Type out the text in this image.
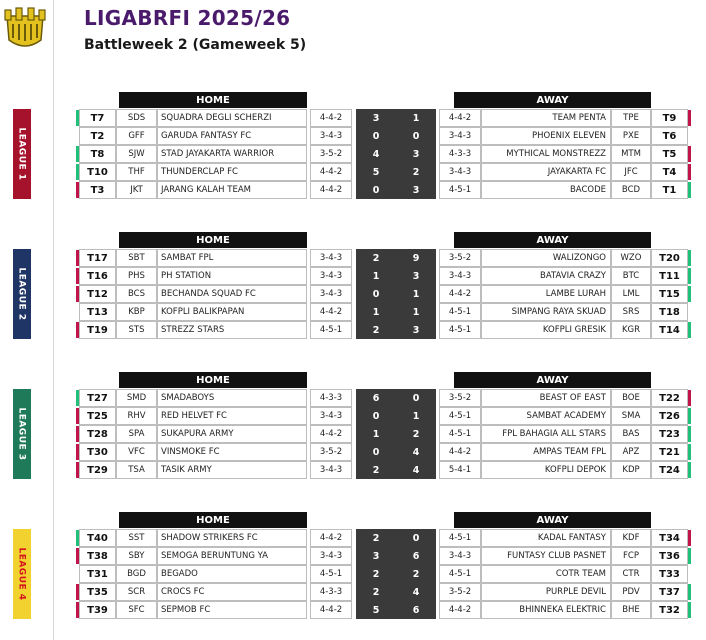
LEAGUE 1
LEAGUE 2
LEAGUE 3
LEAGUE 4
LIGABRFI 2025/26
Battleweek 2 (Gameweek 5)
HOME	AWAY
T7	SDS	SQUADRA DEGLI SCHERZI	4-4-2	3	1	4-4-2	TEAM PENTA	TPE	T9
T2	GFF	GARUDA FANTASY FC	3-4-3	0	0	3-4-3	PHOENIX ELEVEN	PXE	T6
T8	SJW	STAD JAYAKARTA WARRIOR	3-5-2	4	3	4-3-3	MYTHICAL MONSTREZZ	MTM	T5
T10	THF	THUNDERCLAP FC	4-4-2	5	2	3-4-3	JAYAKARTA FC	JFC	T4
T3	JKT	JARANG KALAH TEAM	4-4-2	0	3	4-5-1	BACODE	BCD	T1
HOME	AWAY
T17	SBT	SAMBAT FPL	3-4-3	2	9	3-5-2	WALIZONGO	WZO	T20
T16	PHS	PH STATION	3-4-3	1	3	3-4-3	BATAVIA CRAZY	BTC	T11
T12	BCS	BECHANDA SQUAD FC	3-4-3	0	1	4-4-2	LAMBE LURAH	LML	T15
T13	KBP	KOFPLI BALIKPAPAN	4-4-2	1	1	4-5-1	SIMPANG RAYA SKUAD	SRS	T18
T19	STS	STREZZ STARS	4-5-1	2	3	4-5-1	KOFPLI GRESIK	KGR	T14
HOME	AWAY
T27	SMD	SMADABOYS	4-3-3	6	0	3-5-2	BEAST OF EAST	BOE	T22
T25	RHV	RED HELVET FC	3-4-3	0	1	4-5-1	SAMBAT ACADEMY	SMA	T26
T28	SPA	SUKAPURA ARMY	4-4-2	1	2	4-5-1	FPL BAHAGIA ALL STARS	BAS	T23
T30	VFC	VINSMOKE FC	3-5-2	0	4	4-4-2	AMPAS TEAM FPL	APZ	T21
T29	TSA	TASIK ARMY	3-4-3	2	4	5-4-1	KOFPLI DEPOK	KDP	T24
HOME	AWAY
T40	SST	SHADOW STRIKERS FC	4-4-2	2	0	4-5-1	KADAL FANTASY	KDF	T34
T38	SBY	SEMOGA BERUNTUNG YA	3-4-3	3	6	3-4-3	FUNTASY CLUB PASNET	FCP	T36
T31	BGD	BEGADO	4-5-1	2	2	4-5-1	COTR TEAM	CTR	T33
T35	SCR	CROCS FC	4-3-3	2	4	3-5-2	PURPLE DEVIL	PDV	T37
T39	SFC	SEPMOB FC	4-4-2	5	6	4-4-2	BHINNEKA ELEKTRIC	BHE	T32
